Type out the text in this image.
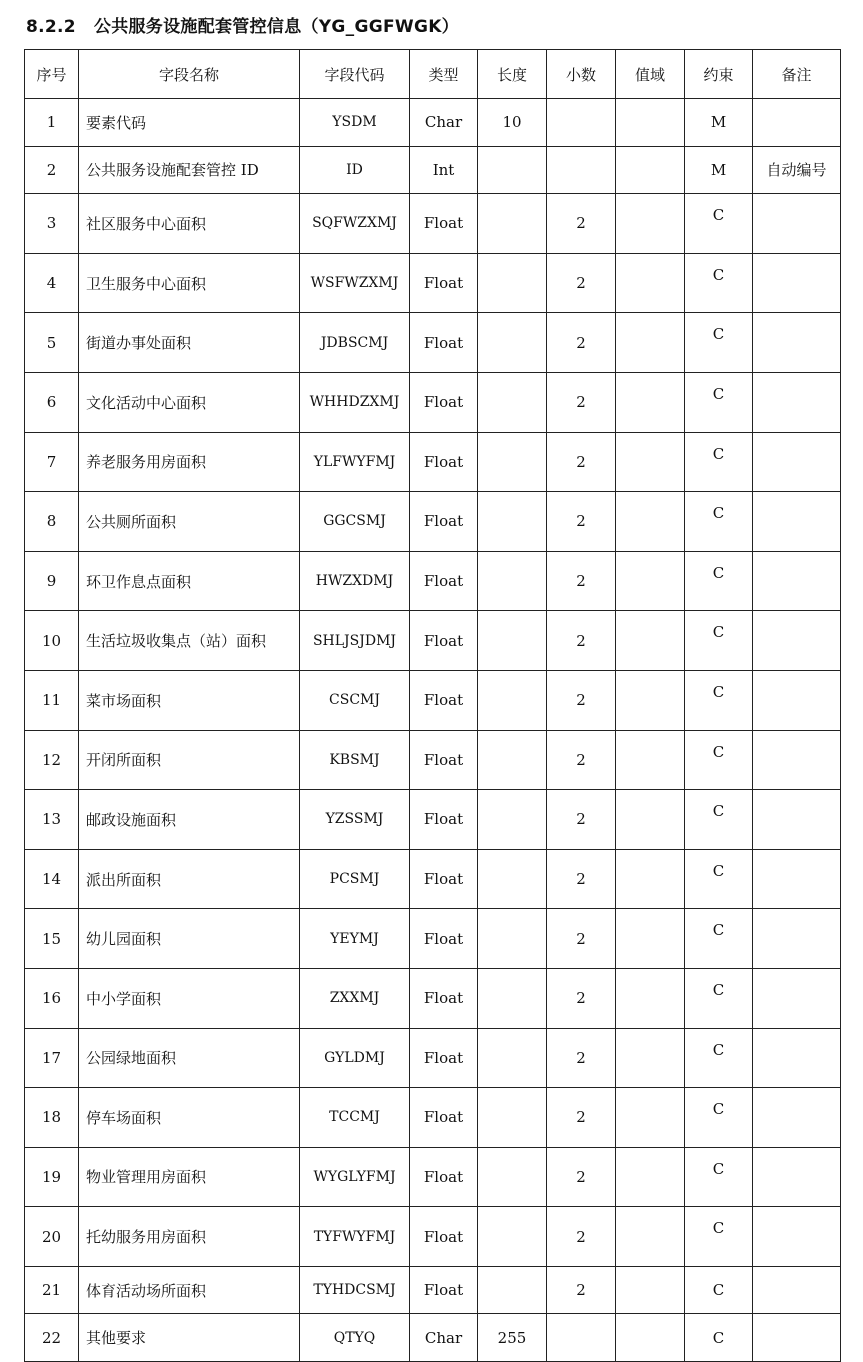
8.2.2 公共服务设施配套管控信息（YG_GGFWGK）
序号	字段名称	字段代码	类型	长度	小数	值域	约束	备注
1	要素代码	YSDM	Char	10			M	
2	公共服务设施配套管控 ID	ID	Int				M	自动编号
3	社区服务中心面积	SQFWZXMJ	Float		2		C	
4	卫生服务中心面积	WSFWZXMJ	Float		2		C	
5	街道办事处面积	JDBSCMJ	Float		2		C	
6	文化活动中心面积	WHHDZXMJ	Float		2		C	
7	养老服务用房面积	YLFWYFMJ	Float		2		C	
8	公共厕所面积	GGCSMJ	Float		2		C	
9	环卫作息点面积	HWZXDMJ	Float		2		C	
10	生活垃圾收集点（站）面积	SHLJSJDMJ	Float		2		C	
11	菜市场面积	CSCMJ	Float		2		C	
12	开闭所面积	KBSMJ	Float		2		C	
13	邮政设施面积	YZSSMJ	Float		2		C	
14	派出所面积	PCSMJ	Float		2		C	
15	幼儿园面积	YEYMJ	Float		2		C	
16	中小学面积	ZXXMJ	Float		2		C	
17	公园绿地面积	GYLDMJ	Float		2		C	
18	停车场面积	TCCMJ	Float		2		C	
19	物业管理用房面积	WYGLYFMJ	Float		2		C	
20	托幼服务用房面积	TYFWYFMJ	Float		2		C	
21	体育活动场所面积	TYHDCSMJ	Float		2		C	
22	其他要求	QTYQ	Char	255			C	
